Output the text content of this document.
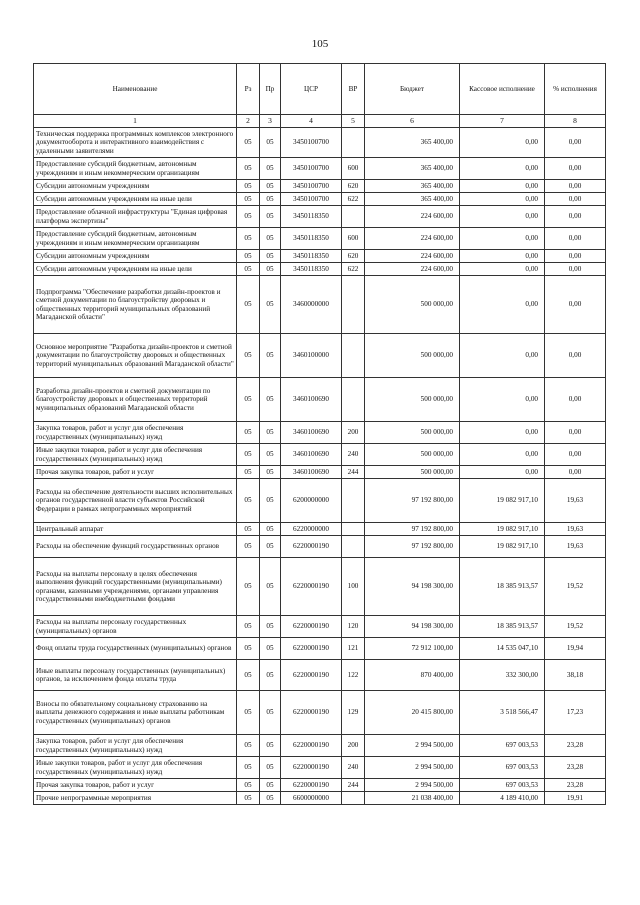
105
Наименование	Рз	Пр	ЦСР	ВР	Бюджет	Кассовое исполнение	% исполнения
1	2	3	4	5	6	7	8
Техническая поддержка программных комплексов электронного документооборота и интерактивного взаимодействия с удаленными заявителями	05	05	3450100700		365 400,00	0,00	0,00
Предоставление субсидий бюджетным, автономным учреждениям и иным некоммерческим организациям	05	05	3450100700	600	365 400,00	0,00	0,00
Субсидии автономным учреждениям	05	05	3450100700	620	365 400,00	0,00	0,00
Субсидии автономным учреждениям на иные цели	05	05	3450100700	622	365 400,00	0,00	0,00
Предоставление облачной инфраструктуры "Единая цифровая платформа экспертизы"	05	05	3450118350		224 600,00	0,00	0,00
Предоставление субсидий бюджетным, автономным учреждениям и иным некоммерческим организациям	05	05	3450118350	600	224 600,00	0,00	0,00
Субсидии автономным учреждениям	05	05	3450118350	620	224 600,00	0,00	0,00
Субсидии автономным учреждениям на иные цели	05	05	3450118350	622	224 600,00	0,00	0,00
Подпрограмма "Обеспечение разработки дизайн-проектов и сметной документации по благоустройству дворовых и общественных территорий муниципальных образований Магаданской области"	05	05	3460000000		500 000,00	0,00	0,00
Основное мероприятие "Разработка дизайн-проектов и сметной документации по благоустройству дворовых и общественных территорий муниципальных образований Магаданской области"	05	05	3460100000		500 000,00	0,00	0,00
Разработка дизайн-проектов и сметной документации по благоустройству дворовых и общественных территорий муниципальных образований Магаданской области	05	05	3460100690		500 000,00	0,00	0,00
Закупка товаров, работ и услуг для обеспечения государственных (муниципальных) нужд	05	05	3460100690	200	500 000,00	0,00	0,00
Иные закупки товаров, работ и услуг для обеспечения государственных (муниципальных) нужд	05	05	3460100690	240	500 000,00	0,00	0,00
Прочая закупка товаров, работ и услуг	05	05	3460100690	244	500 000,00	0,00	0,00
Расходы на обеспечение деятельности высших исполнительных органов государственной власти субъектов Российской Федерации в рамках непрограммных мероприятий	05	05	6200000000		97 192 800,00	19 082 917,10	19,63
Центральный аппарат	05	05	6220000000		97 192 800,00	19 082 917,10	19,63
Расходы на обеспечение функций государственных органов	05	05	6220000190		97 192 800,00	19 082 917,10	19,63
Расходы на выплаты персоналу в целях обеспечения выполнения функций государственными (муниципальными) органами, казенными учреждениями, органами управления государственными внебюджетными фондами	05	05	6220000190	100	94 198 300,00	18 385 913,57	19,52
Расходы на выплаты персоналу государственных (муниципальных) органов	05	05	6220000190	120	94 198 300,00	18 385 913,57	19,52
Фонд оплаты труда государственных (муниципальных) органов	05	05	6220000190	121	72 912 100,00	14 535 047,10	19,94
Иные выплаты персоналу государственных (муниципальных) органов, за исключением фонда оплаты труда	05	05	6220000190	122	870 400,00	332 300,00	38,18
Взносы по обязательному социальному страхованию на выплаты денежного содержания и иные выплаты работникам государственных (муниципальных) органов	05	05	6220000190	129	20 415 800,00	3 518 566,47	17,23
Закупка товаров, работ и услуг для обеспечения государственных (муниципальных) нужд	05	05	6220000190	200	2 994 500,00	697 003,53	23,28
Иные закупки товаров, работ и услуг для обеспечения государственных (муниципальных) нужд	05	05	6220000190	240	2 994 500,00	697 003,53	23,28
Прочая закупка товаров, работ и услуг	05	05	6220000190	244	2 994 500,00	697 003,53	23,28
Прочие непрограммные мероприятия	05	05	6600000000		21 038 400,00	4 189 410,00	19,91
